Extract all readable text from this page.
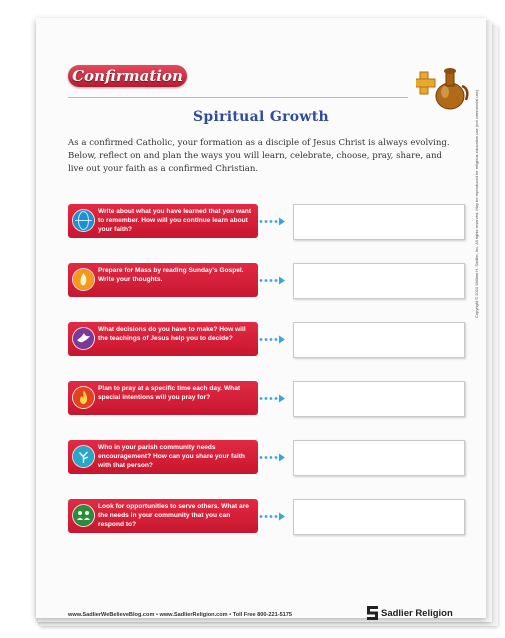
Confirmation
Spiritual Growth
As a confirmed Catholic, your formation as a disciple of Jesus Christ is always evolving. Below, reflect on and plan the ways you will learn, celebrate, choose, pray, share, and live out your faith as a confirmed Christian.
Write about what you have learned that you want to remember. How will you continue learn about your faith?
Prepare for Mass by reading Sunday's Gospel. Write your thoughts.
What decisions do you have to make? How will the teachings of Jesus help you to decide?
Plan to pray at a specific time each day. What special intentions will you pray for?
Who in your parish community needs encouragement? How can you share your faith with that person?
Look for opportunities to serve others. What are the needs in your community that you can respond to?
Copyright © 2015 William H. Sadlier, Inc. All rights reserved. May be reproduced for religious education use (not commercial use).
www.SadlierWeBelieveBlog.com • www.SadlierReligion.com • Toll Free 800-221-5175	Sadlier Religion
